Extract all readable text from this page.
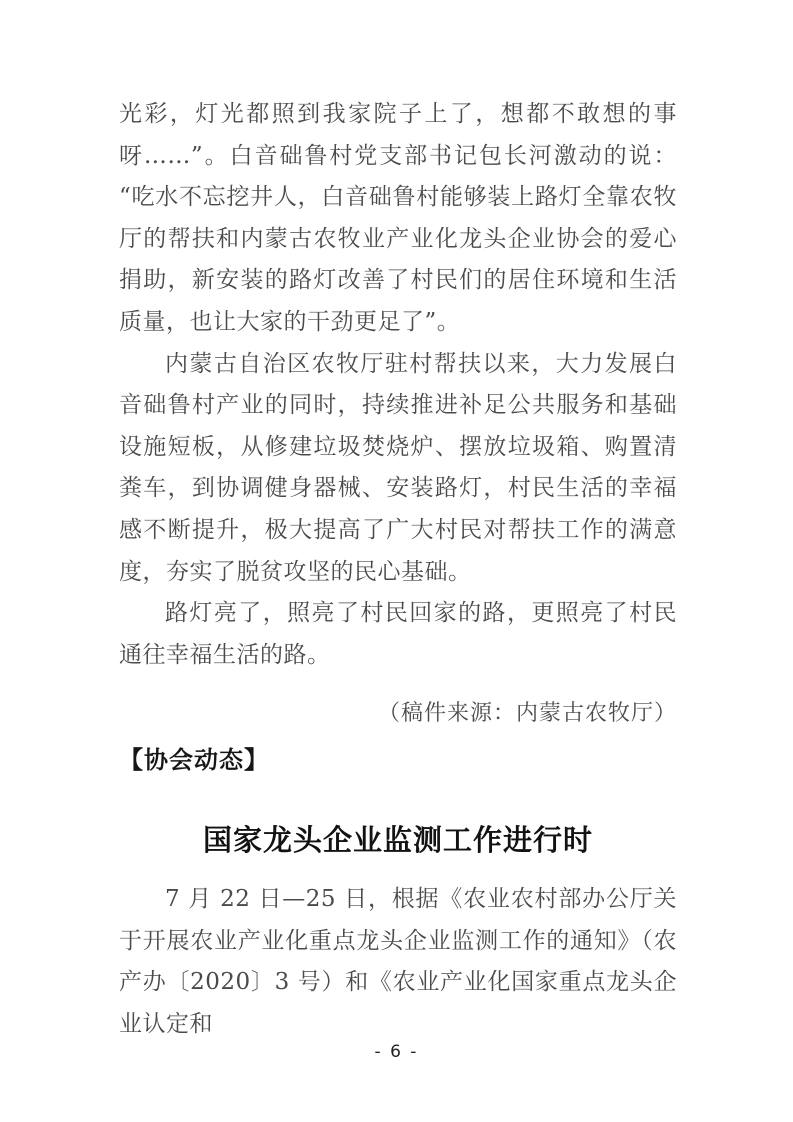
光彩，灯光都照到我家院子上了，想都不敢想的事呀……”。白音础鲁村党支部书记包长河激动的说：“吃水不忘挖井人，白音础鲁村能够装上路灯全靠农牧厅的帮扶和内蒙古农牧业产业化龙头企业协会的爱心捐助，新安装的路灯改善了村民们的居住环境和生活质量，也让大家的干劲更足了”。

内蒙古自治区农牧厅驻村帮扶以来，大力发展白音础鲁村产业的同时，持续推进补足公共服务和基础设施短板，从修建垃圾焚烧炉、摆放垃圾箱、购置清粪车，到协调健身器械、安装路灯，村民生活的幸福感不断提升，极大提高了广大村民对帮扶工作的满意度，夯实了脱贫攻坚的民心基础。

路灯亮了，照亮了村民回家的路，更照亮了村民通往幸福生活的路。

（稿件来源：内蒙古农牧厅）

【协会动态】
国家龙头企业监测工作进行时

7 月 22 日—25 日，根据《农业农村部办公厅关于开展农业产业化重点龙头企业监测工作的通知》（农产办〔2020〕3 号）和《农业产业化国家重点龙头企业认定和

- 6 -
